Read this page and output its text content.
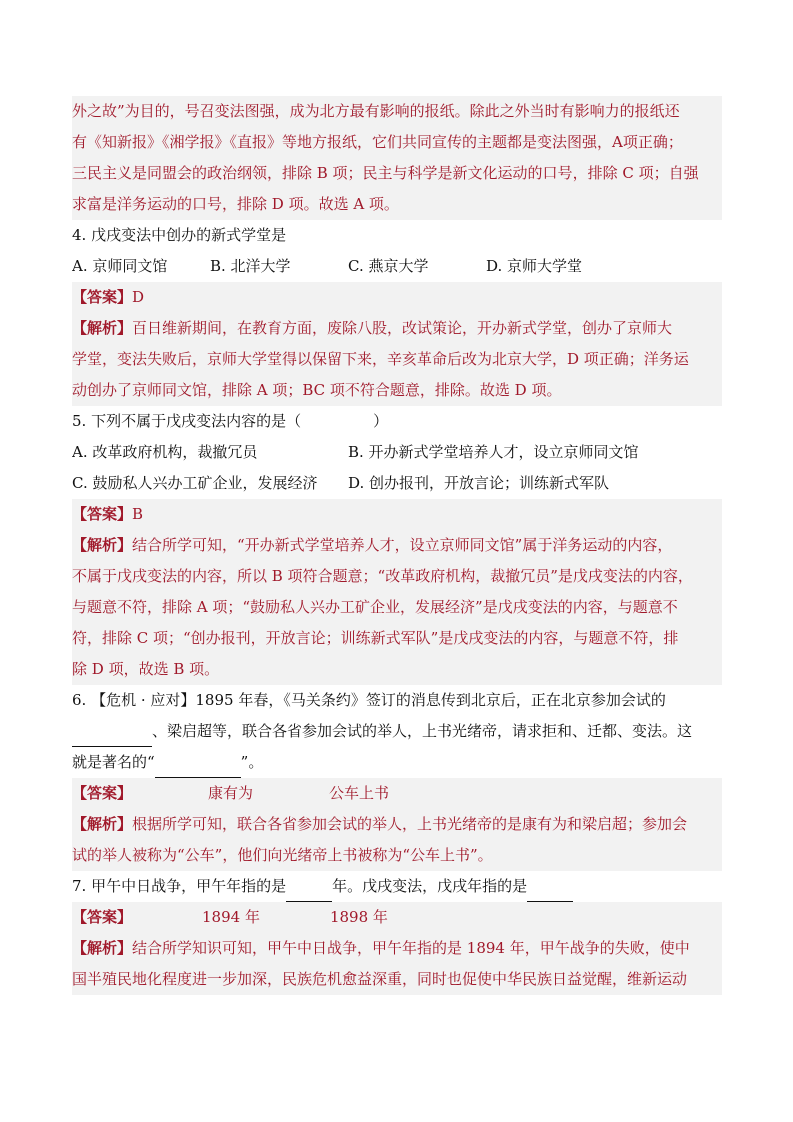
外之故”为目的，号召变法图强，成为北方最有影响的报纸。除此之外当时有影响力的报纸还
有《知新报》《湘学报》《直报》等地方报纸，它们共同宣传的主题都是变法图强，A项正确；
三民主义是同盟会的政治纲领，排除 B 项；民主与科学是新文化运动的口号，排除 C 项；自强
求富是洋务运动的口号，排除 D 项。故选 A 项。
4. 戊戌变法中创办的新式学堂是
A. 京师同文馆	B. 北洋大学	C. 燕京大学	D. 京师大学堂
【答案】D
【解析】百日维新期间，在教育方面，废除八股，改试策论，开办新式学堂，创办了京师大
学堂，变法失败后，京师大学堂得以保留下来，辛亥革命后改为北京大学，D 项正确；洋务运
动创办了京师同文馆，排除 A 项；BC 项不符合题意，排除。故选 D 项。
5. 下列不属于戊戌变法内容的是（	）
A. 改革政府机构，裁撤冗员	B. 开办新式学堂培养人才，设立京师同文馆
C. 鼓励私人兴办工矿企业，发展经济 D. 创办报刊，开放言论；训练新式军队
【答案】B
【解析】结合所学可知，“开办新式学堂培养人才，设立京师同文馆”属于洋务运动的内容，
不属于戊戌变法的内容，所以 B 项符合题意；“改革政府机构，裁撤冗员”是戊戌变法的内容，
与题意不符，排除 A 项；“鼓励私人兴办工矿企业，发展经济”是戊戌变法的内容，与题意不
符，排除 C 项；“创办报刊，开放言论；训练新式军队”是戊戌变法的内容，与题意不符，排
除 D 项，故选 B 项。
6. 【危机 · 应对】1895 年春，《马关条约》签订的消息传到北京后，正在北京参加会试的
、梁启超等，联合各省参加会试的举人，上书光绪帝，请求拒和、迁都、变法。这
就是著名的“	”。
【答案】	康有为	公车上书
【解析】根据所学可知，联合各省参加会试的举人，上书光绪帝的是康有为和梁启超；参加会
试的举人被称为“公车”，他们向光绪帝上书被称为“公车上书”。
7. 甲午中日战争，甲午年指的是	年。戊戌变法，戊戌年指的是
【答案】	1894 年	1898 年
【解析】结合所学知识可知，甲午中日战争，甲午年指的是 1894 年，甲午战争的失败，使中
国半殖民地化程度进一步加深，民族危机愈益深重，同时也促使中华民族日益觉醒，维新运动
